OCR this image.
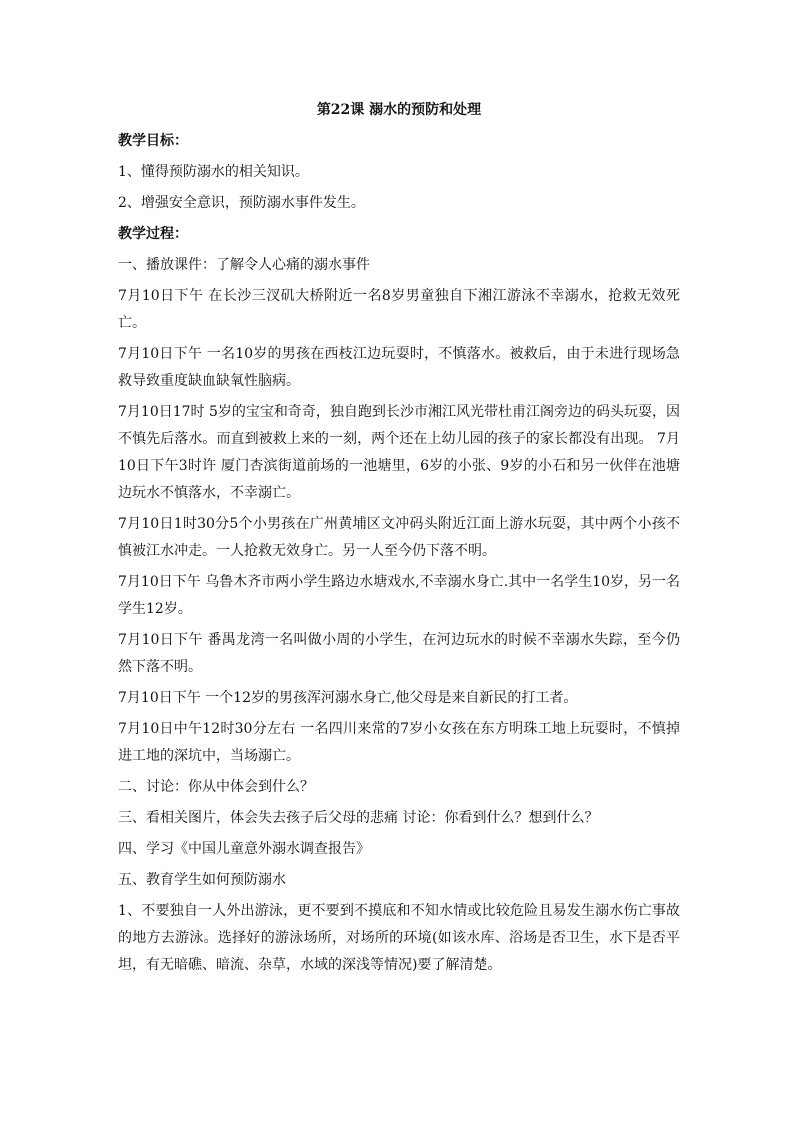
第22课 溺水的预防和处理
教学目标：
1、懂得预防溺水的相关知识。
2、增强安全意识，预防溺水事件发生。
教学过程：
一、播放课件：了解令人心痛的溺水事件
7月10日下午 在长沙三汊矶大桥附近一名8岁男童独自下湘江游泳不幸溺水，抢救无效死亡。
7月10日下午 一名10岁的男孩在西枝江边玩耍时，不慎落水。被救后，由于未进行现场急救导致重度缺血缺氧性脑病。
7月10日17时 5岁的宝宝和奇奇，独自跑到长沙市湘江风光带杜甫江阁旁边的码头玩耍，因不慎先后落水。而直到被救上来的一刻，两个还在上幼儿园的孩子的家长都没有出现。 7月10日下午3时许 厦门杏滨街道前场的一池塘里，6岁的小张、9岁的小石和另一伙伴在池塘边玩水不慎落水，不幸溺亡。
7月10日1时30分5个小男孩在广州黄埔区文冲码头附近江面上游水玩耍，其中两个小孩不慎被江水冲走。一人抢救无效身亡。另一人至今仍下落不明。
7月10日下午 乌鲁木齐市两小学生路边水塘戏水,不幸溺水身亡.其中一名学生10岁，另一名学生12岁。
7月10日下午 番禺龙湾一名叫做小周的小学生，在河边玩水的时候不幸溺水失踪，至今仍然下落不明。
7月10日下午 一个12岁的男孩浑河溺水身亡,他父母是来自新民的打工者。
7月10日中午12时30分左右 一名四川来常的7岁小女孩在东方明珠工地上玩耍时，不慎掉进工地的深坑中，当场溺亡。
二、讨论：你从中体会到什么？
三、看相关图片，体会失去孩子后父母的悲痛 讨论：你看到什么？想到什么？
四、学习《中国儿童意外溺水调查报告》
五、教育学生如何预防溺水
1、不要独自一人外出游泳，更不要到不摸底和不知水情或比较危险且易发生溺水伤亡事故的地方去游泳。选择好的游泳场所，对场所的环境(如该水库、浴场是否卫生，水下是否平坦，有无暗礁、暗流、杂草，水域的深浅等情况)要了解清楚。
